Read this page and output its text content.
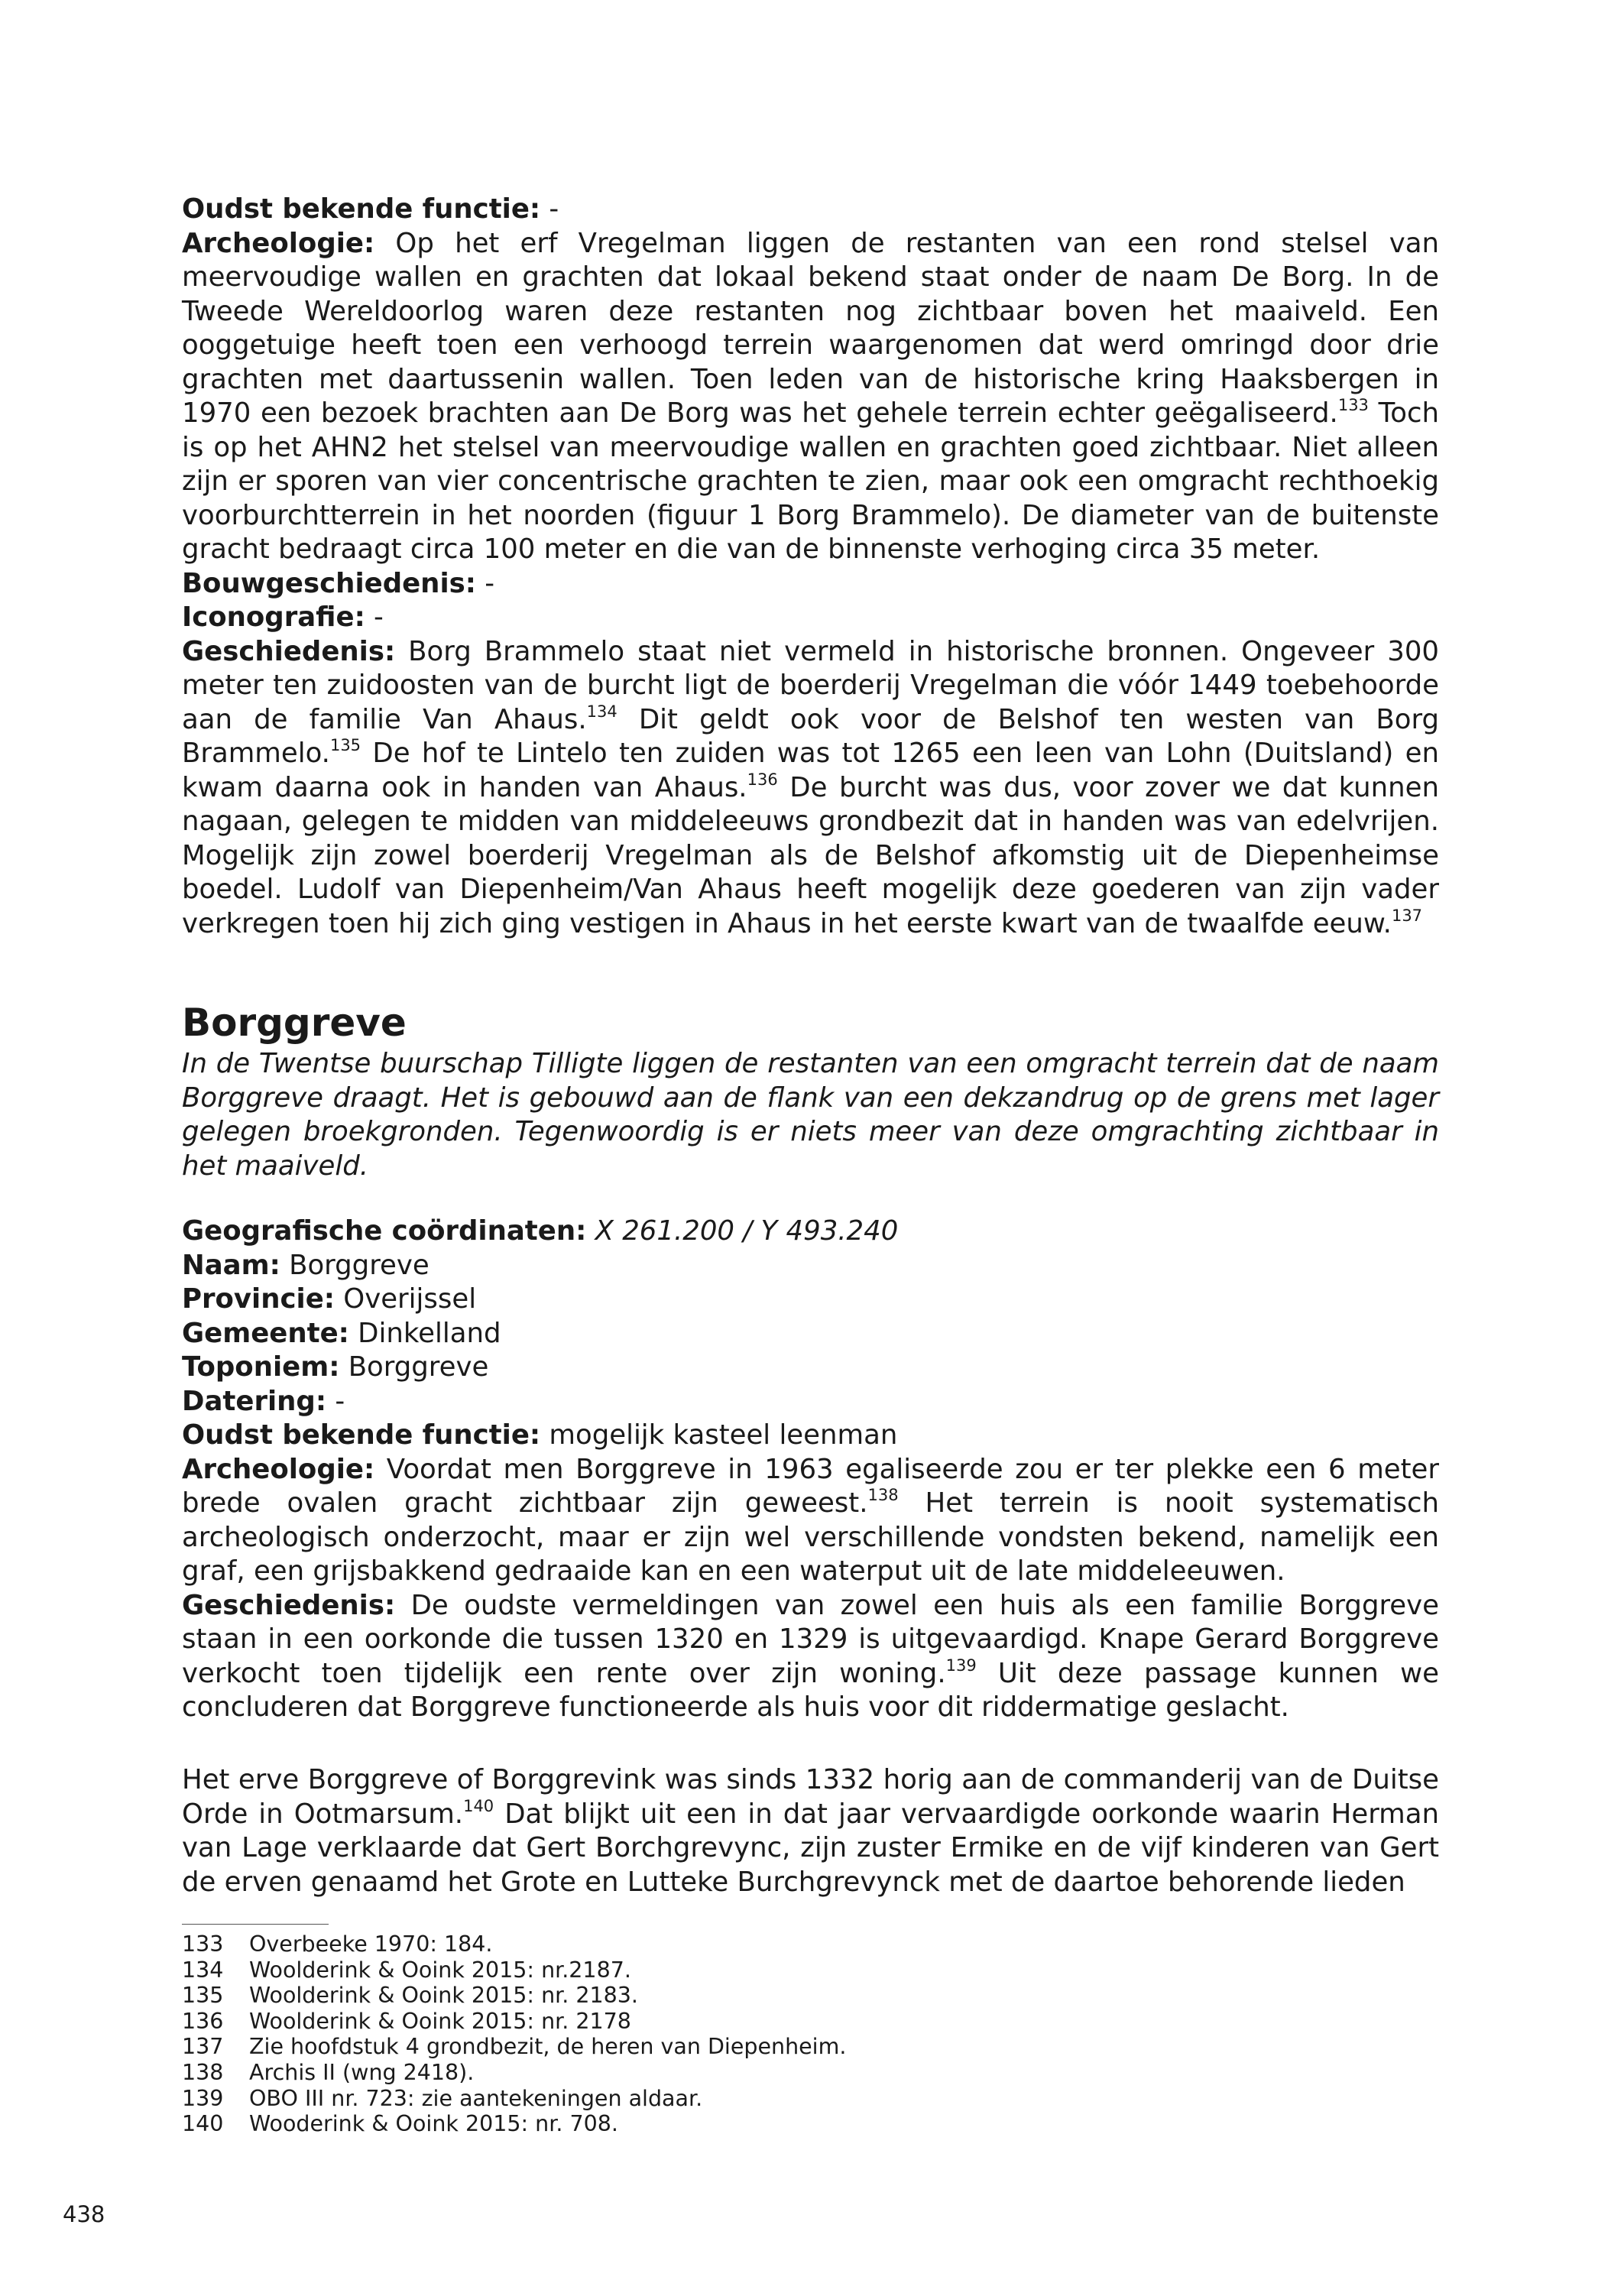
Oudst bekende functie: -

Archeologie: Op het erf Vregelman liggen de restanten van een rond stelsel van meervoudige wallen en grachten dat lokaal bekend staat onder de naam De Borg. In de Tweede Wereldoorlog waren deze restanten nog zichtbaar boven het maaiveld. Een ooggetuige heeft toen een verhoogd terrein waargenomen dat werd omringd door drie grachten met daartussenin wallen. Toen leden van de historische kring Haaksbergen in 1970 een bezoek brachten aan De Borg was het gehele terrein echter geëgaliseerd.$^{133}$ Toch is op het AHN2 het stelsel van meervoudige wallen en grachten goed zichtbaar. Niet alleen zijn er sporen van vier concentrische grachten te zien, maar ook een omgracht rechthoekig voorburchtterrein in het noorden (figuur 1 Borg Brammelo). De diameter van de buitenste gracht bedraagt circa 100 meter en die van de binnenste verhoging circa 35 meter.

Bouwgeschiedenis: -

Iconografie: -

Geschiedenis: Borg Brammelo staat niet vermeld in historische bronnen. Ongeveer 300 meter ten zuidoosten van de burcht ligt de boerderij Vregelman die vóór 1449 toebehoorde aan de familie Van Ahaus.$^{134}$ Dit geldt ook voor de Belshof ten westen van Borg Brammelo.$^{135}$ De hof te Lintelo ten zuiden was tot 1265 een leen van Lohn (Duitsland) en kwam daarna ook in handen van Ahaus.$^{136}$ De burcht was dus, voor zover we dat kunnen nagaan, gelegen te midden van middeleeuws grondbezit dat in handen was van edelvrijen. Mogelijk zijn zowel boerderij Vregelman als de Belshof afkomstig uit de Diepenheimse boedel. Ludolf van Diepenheim/Van Ahaus heeft mogelijk deze goederen van zijn vader verkregen toen hij zich ging vestigen in Ahaus in het eerste kwart van de twaalfde eeuw.$^{137}$

Borggreve

In de Twentse buurschap Tilligte liggen de restanten van een omgracht terrein dat de naam Borggreve draagt. Het is gebouwd aan de flank van een dekzandrug op de grens met lager gelegen broekgronden. Tegenwoordig is er niets meer van deze omgrachting zichtbaar in het maaiveld.

Geografische coördinaten: X 261.200 / Y 493.240

Naam: Borggreve

Provincie: Overijssel

Gemeente: Dinkelland

Toponiem: Borggreve

Datering: -

Oudst bekende functie: mogelijk kasteel leenman

Archeologie: Voordat men Borggreve in 1963 egaliseerde zou er ter plekke een 6 meter brede ovalen gracht zichtbaar zijn geweest.$^{138}$ Het terrein is nooit systematisch archeologisch onderzocht, maar er zijn wel verschillende vondsten bekend, namelijk een graf, een grijsbakkend gedraaide kan en een waterput uit de late middeleeuwen.

Geschiedenis: De oudste vermeldingen van zowel een huis als een familie Borggreve staan in een oorkonde die tussen 1320 en 1329 is uitgevaardigd. Knape Gerard Borggreve verkocht toen tijdelijk een rente over zijn woning.$^{139}$ Uit deze passage kunnen we concluderen dat Borggreve functioneerde als huis voor dit riddermatige geslacht.

Het erve Borggreve of Borggrevink was sinds 1332 horig aan de commanderij van de Duitse Orde in Ootmarsum.$^{140}$ Dat blijkt uit een in dat jaar vervaardigde oorkonde waarin Herman van Lage verklaarde dat Gert Borchgrevync, zijn zuster Ermike en de vijf kinderen van Gert de erven genaamd het Grote en Lutteke Burchgrevynck met de daartoe behorende lieden

133 Overbeeke 1970: 184.

134 Woolderink & Ooink 2015: nr.2187.

135 Woolderink & Ooink 2015: nr. 2183.

136 Woolderink & Ooink 2015: nr. 2178

137 Zie hoofdstuk 4 grondbezit, de heren van Diepenheim.

138 Archis II (wng 2418).

139 OBO III nr. 723: zie aantekeningen aldaar.

140 Wooderink & Ooink 2015: nr. 708.

438
